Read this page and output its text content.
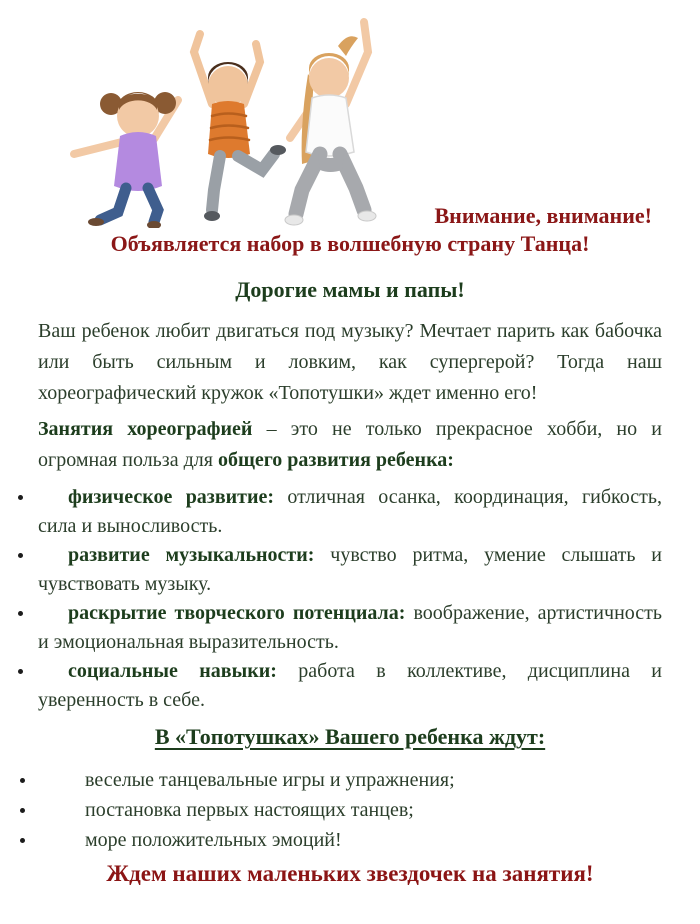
Внимание, внимание!
Объявляется набор в волшебную страну Танца!
Дорогие мамы и папы!

Ваш ребенок любит двигаться под музыку? Мечтает парить как бабочка или быть сильным и ловким, как супергерой? Тогда наш хореографический кружок «Топотушки» ждет именно его!

Занятия хореографией – это не только прекрасное хобби, но и огромная польза для общего развития ребенка:

физическое развитие: отличная осанка, координация, гибкость, сила и выносливость.
развитие музыкальности: чувство ритма, умение слышать и чувствовать музыку.
раскрытие творческого потенциала: воображение, артистичность и эмоциональная выразительность.
социальные навыки: работа в коллективе, дисциплина и уверенность в себе.
В «Топотушках» Вашего ребенка ждут:
веселые танцевальные игры и упражнения;
постановка первых настоящих танцев;
море положительных эмоций!
Ждем наших маленьких звездочек на занятия!
